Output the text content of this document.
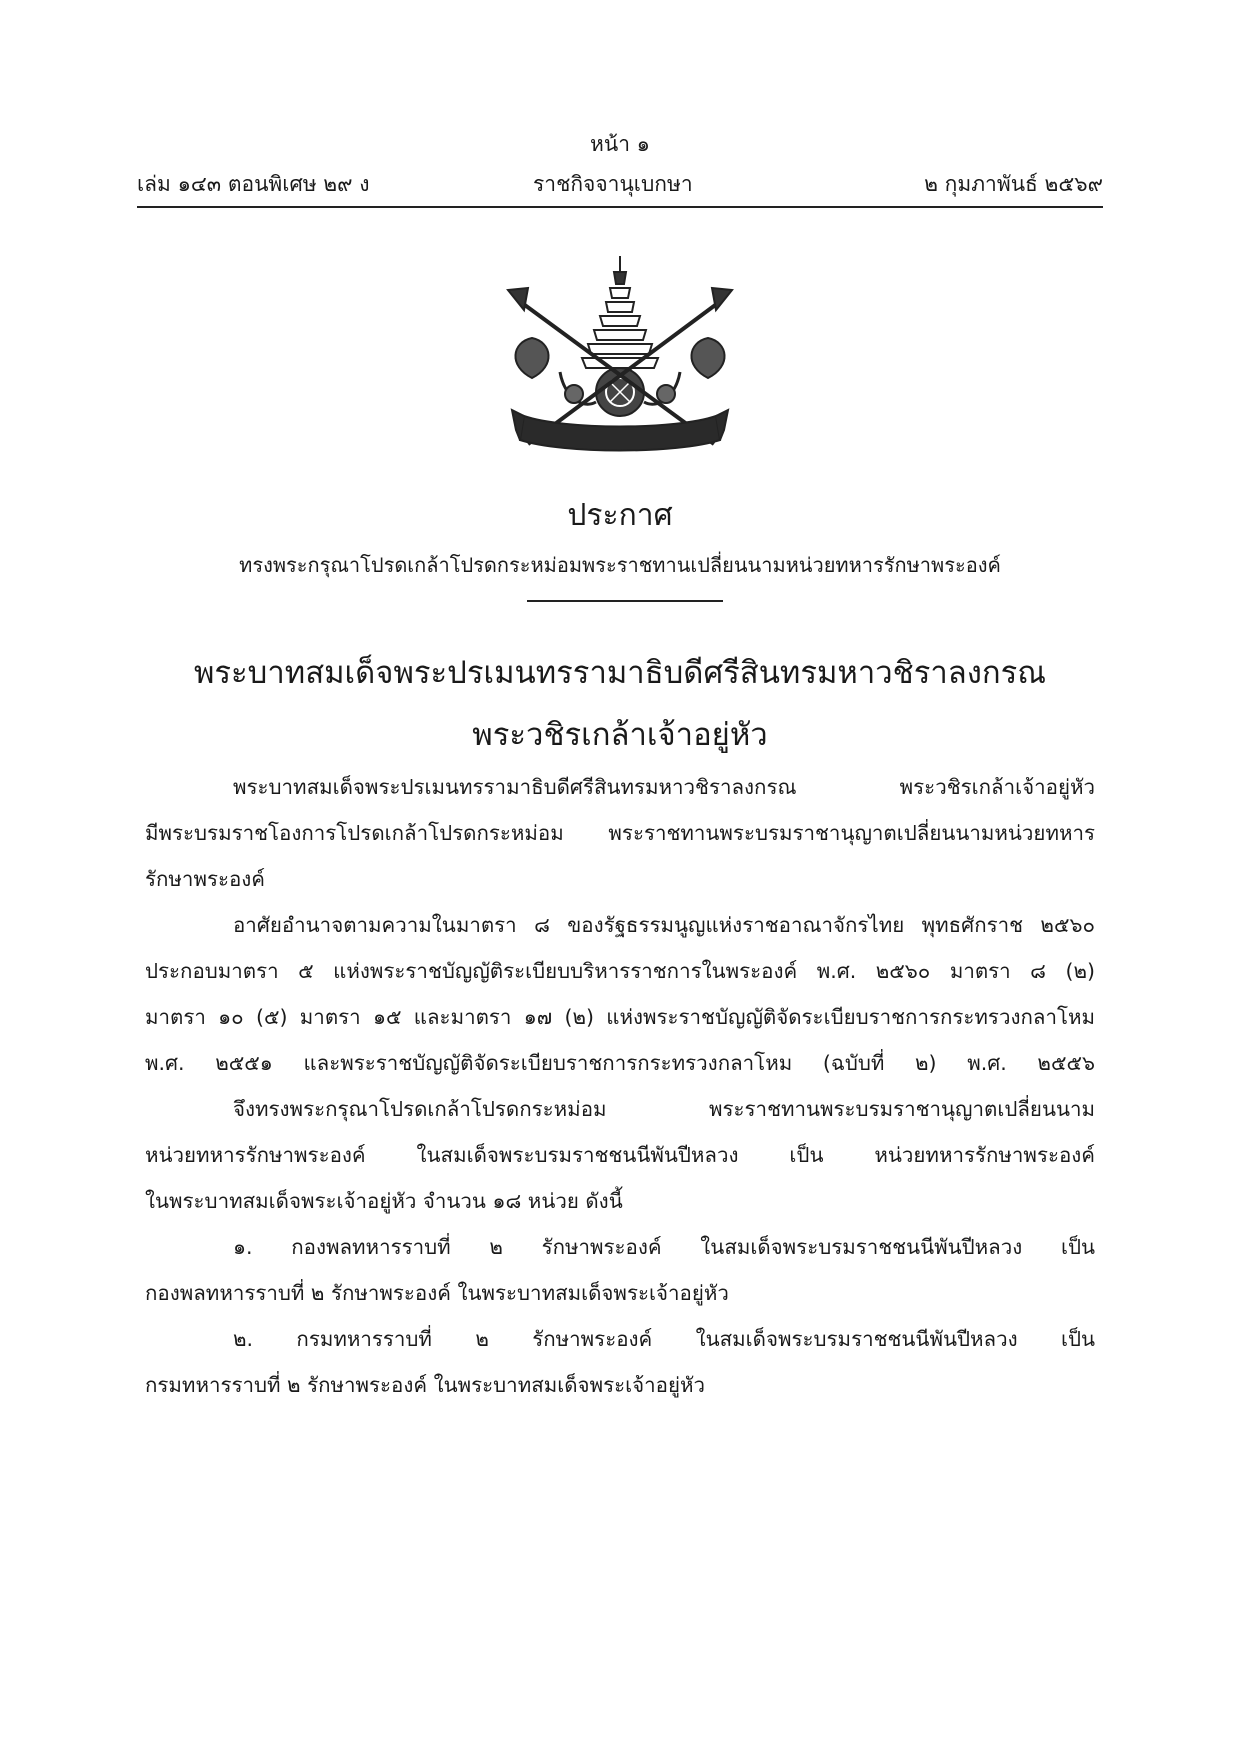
หน้า ๑
เล่ม ๑๔๓ ตอนพิเศษ ๒๙ ง	ราชกิจจานุเบกษา	๒ กุมภาพันธ์ ๒๕๖๙
ประกาศ
ทรงพระกรุณาโปรดเกล้าโปรดกระหม่อมพระราชทานเปลี่ยนนามหน่วยทหารรักษาพระองค์
พระบาทสมเด็จพระปรเมนทรรามาธิบดีศรีสินทรมหาวชิราลงกรณ
พระวชิรเกล้าเจ้าอยู่หัว

พระบาทสมเด็จพระปรเมนทรรามาธิบดีศรีสินทรมหาวชิราลงกรณ พระวชิรเกล้าเจ้าอยู่หัว
มีพระบรมราชโองการโปรดเกล้าโปรดกระหม่อม พระราชทานพระบรมราชานุญาตเปลี่ยนนามหน่วยทหาร
รักษาพระองค์

อาศัยอำนาจตามความในมาตรา ๘ ของรัฐธรรมนูญแห่งราชอาณาจักรไทย พุทธศักราช ๒๕๖๐
ประกอบมาตรา ๕ แห่งพระราชบัญญัติระเบียบบริหารราชการในพระองค์ พ.ศ. ๒๕๖๐ มาตรา ๘ (๒)
มาตรา ๑๐ (๕) มาตรา ๑๕ และมาตรา ๑๗ (๒) แห่งพระราชบัญญัติจัดระเบียบราชการกระทรวงกลาโหม
พ.ศ. ๒๕๕๑ และพระราชบัญญัติจัดระเบียบราชการกระทรวงกลาโหม (ฉบับที่ ๒) พ.ศ. ๒๕๕๖

จึงทรงพระกรุณาโปรดเกล้าโปรดกระหม่อม พระราชทานพระบรมราชานุญาตเปลี่ยนนาม
หน่วยทหารรักษาพระองค์ ในสมเด็จพระบรมราชชนนีพันปีหลวง เป็น หน่วยทหารรักษาพระองค์
ในพระบาทสมเด็จพระเจ้าอยู่หัว จำนวน ๑๘ หน่วย ดังนี้

๑. กองพลทหารราบที่ ๒ รักษาพระองค์ ในสมเด็จพระบรมราชชนนีพันปีหลวง เป็น
กองพลทหารราบที่ ๒ รักษาพระองค์ ในพระบาทสมเด็จพระเจ้าอยู่หัว

๒. กรมทหารราบที่ ๒ รักษาพระองค์ ในสมเด็จพระบรมราชชนนีพันปีหลวง เป็น
กรมทหารราบที่ ๒ รักษาพระองค์ ในพระบาทสมเด็จพระเจ้าอยู่หัว
